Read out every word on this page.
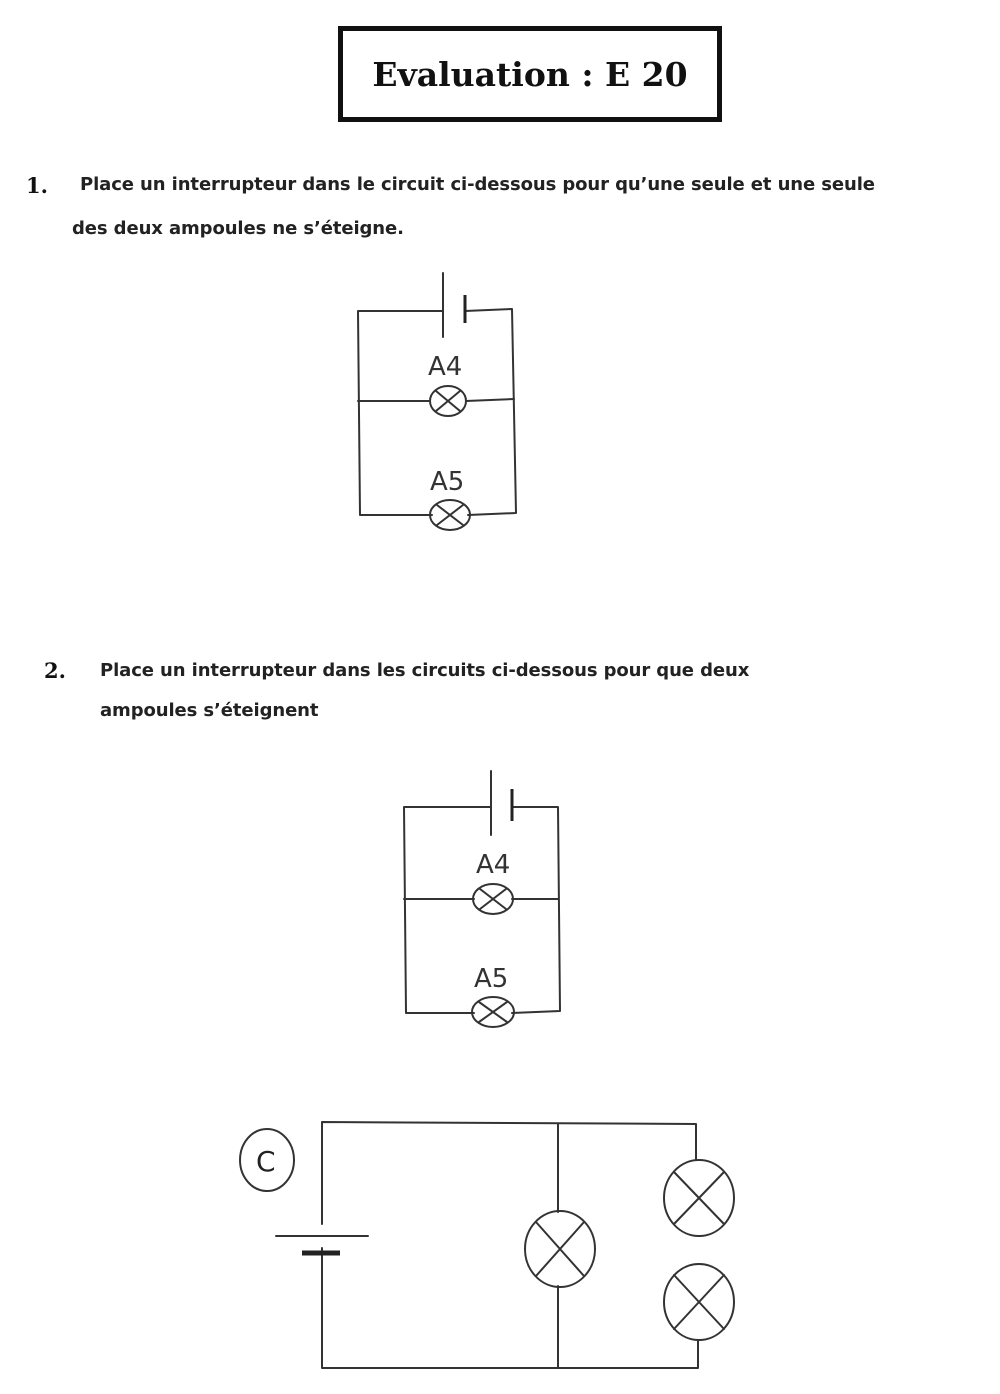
Evaluation : E 20
1. Place un interrupteur dans le circuit ci-dessous pour qu’une seule et une seule
des deux ampoules ne s’éteigne.
A4
A5
2. Place un interrupteur dans les circuits ci-dessous pour que deux
ampoules s’éteignent
A4
A5
C
